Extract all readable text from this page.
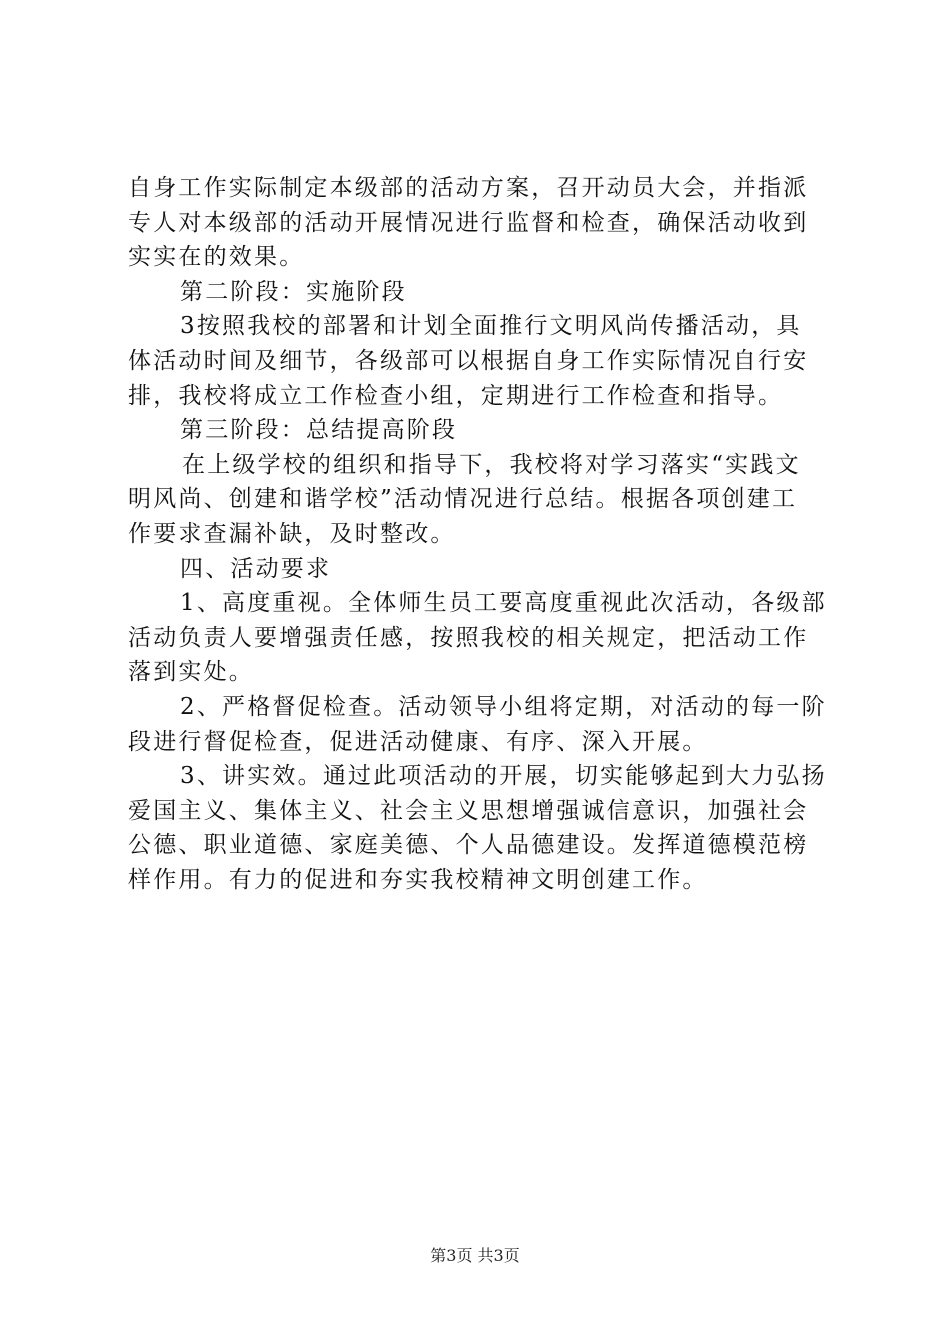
自身工作实际制定本级部的活动方案，召开动员大会，并指派

专人对本级部的活动开展情况进行监督和检查，确保活动收到

实实在的效果。

第二阶段：实施阶段

3按照我校的部署和计划全面推行文明风尚传播活动，具

体活动时间及细节，各级部可以根据自身工作实际情况自行安

排，我校将成立工作检查小组，定期进行工作检查和指导。

第三阶段：总结提高阶段

在上级学校的组织和指导下，我校将对学习落实“实践文

明风尚、创建和谐学校”活动情况进行总结。根据各项创建工

作要求查漏补缺，及时整改。

四、活动要求

1、高度重视。全体师生员工要高度重视此次活动，各级部

活动负责人要增强责任感，按照我校的相关规定，把活动工作

落到实处。

2、严格督促检查。活动领导小组将定期，对活动的每一阶

段进行督促检查，促进活动健康、有序、深入开展。

3、讲实效。通过此项活动的开展，切实能够起到大力弘扬

爱国主义、集体主义、社会主义思想增强诚信意识，加强社会

公德、职业道德、家庭美德、个人品德建设。发挥道德模范榜

样作用。有力的促进和夯实我校精神文明创建工作。

第3页 共3页
